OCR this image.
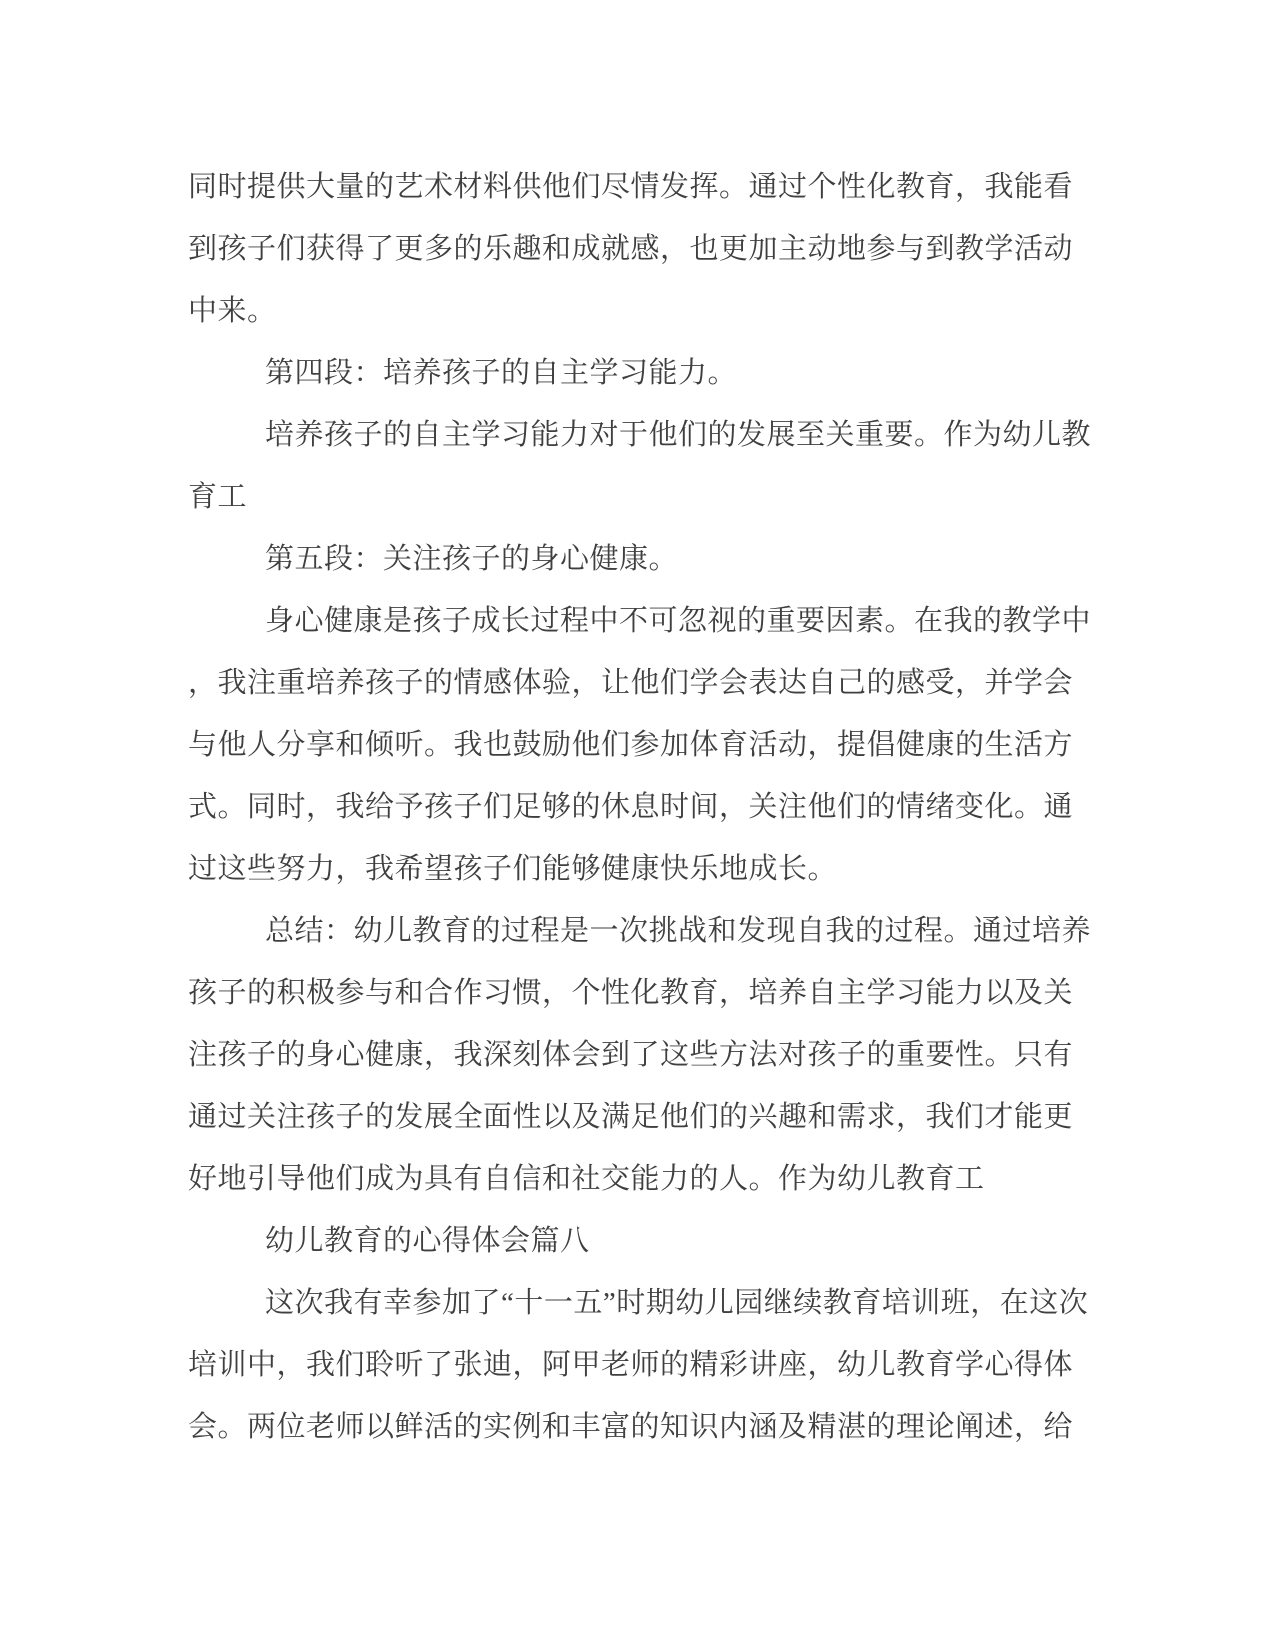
同时提供大量的艺术材料供他们尽情发挥。通过个性化教育，我能看
到孩子们获得了更多的乐趣和成就感，也更加主动地参与到教学活动
中来。
第四段：培养孩子的自主学习能力。
培养孩子的自主学习能力对于他们的发展至关重要。作为幼儿教
育工
第五段：关注孩子的身心健康。
身心健康是孩子成长过程中不可忽视的重要因素。在我的教学中
，我注重培养孩子的情感体验，让他们学会表达自己的感受，并学会
与他人分享和倾听。我也鼓励他们参加体育活动，提倡健康的生活方
式。同时，我给予孩子们足够的休息时间，关注他们的情绪变化。通
过这些努力，我希望孩子们能够健康快乐地成长。
总结：幼儿教育的过程是一次挑战和发现自我的过程。通过培养
孩子的积极参与和合作习惯，个性化教育，培养自主学习能力以及关
注孩子的身心健康，我深刻体会到了这些方法对孩子的重要性。只有
通过关注孩子的发展全面性以及满足他们的兴趣和需求，我们才能更
好地引导他们成为具有自信和社交能力的人。作为幼儿教育工
幼儿教育的心得体会篇八
这次我有幸参加了“十一五”时期幼儿园继续教育培训班，在这次
培训中，我们聆听了张迪，阿甲老师的精彩讲座，幼儿教育学心得体
会。两位老师以鲜活的实例和丰富的知识内涵及精湛的理论阐述，给
